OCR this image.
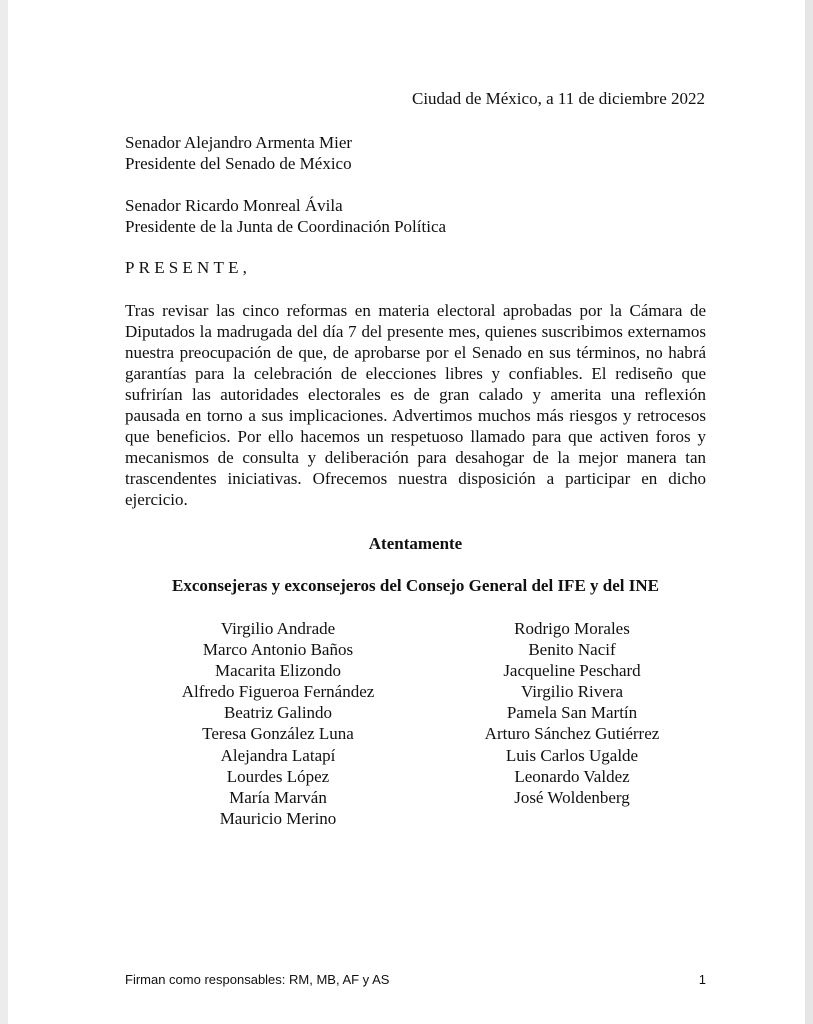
Ciudad de México, a 11 de diciembre 2022
Senador Alejandro Armenta Mier
Presidente del Senado de México
Senador Ricardo Monreal Ávila
Presidente de la Junta de Coordinación Política
PRESENTE,

Tras revisar las cinco reformas en materia electoral aprobadas por la Cámara de Diputados la madrugada del día 7 del presente mes, quienes suscribimos externamos nuestra preocupación de que, de aprobarse por el Senado en sus términos, no habrá garantías para la celebración de elecciones libres y confiables. El rediseño que sufrirían las autoridades electorales es de gran calado y amerita una reflexión pausada en torno a sus implicaciones. Advertimos muchos más riesgos y retrocesos que beneficios. Por ello hacemos un respetuoso llamado para que activen foros y mecanismos de consulta y deliberación para desahogar de la mejor manera tan trascendentes iniciativas. Ofrecemos nuestra disposición a participar en dicho ejercicio.

Atentamente
Exconsejeras y exconsejeros del Consejo General del IFE y del INE
Virgilio Andrade
Marco Antonio Baños
Macarita Elizondo
Alfredo Figueroa Fernández
Beatriz Galindo
Teresa González Luna
Alejandra Latapí
Lourdes López
María Marván
Mauricio Merino
Rodrigo Morales
Benito Nacif
Jacqueline Peschard
Virgilio Rivera
Pamela San Martín
Arturo Sánchez Gutiérrez
Luis Carlos Ugalde
Leonardo Valdez
José Woldenberg
Firman como responsables: RM, MB, AF y AS	1
